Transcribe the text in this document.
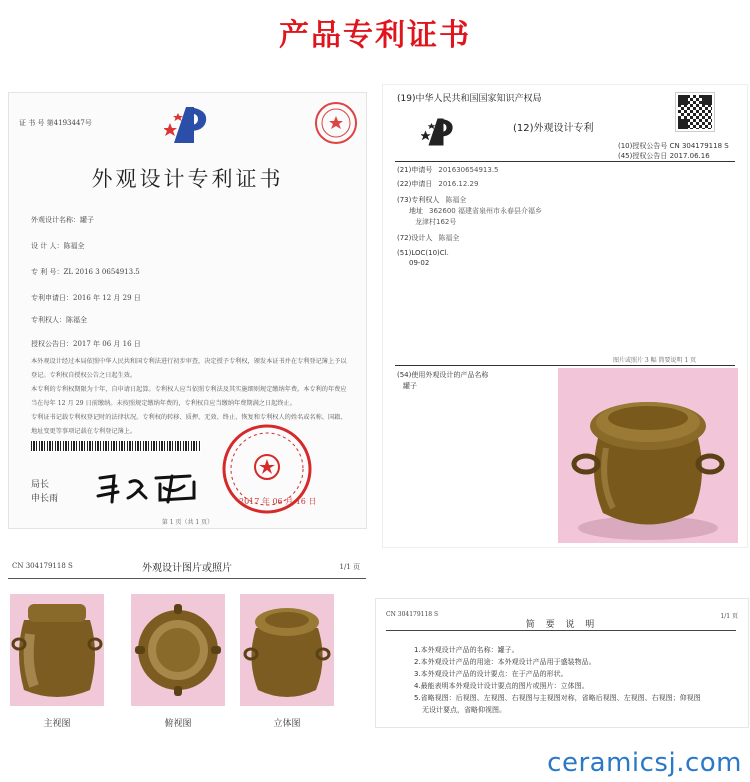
产品专利证书
证 书 号 第4193447号
外观设计专利证书
外观设计名称：罐子
设 计 人：陈福全
专 利 号：ZL 2016 3 0654913.5
专利申请日：2016 年 12 月 29 日
专利权人：陈福全
授权公告日：2017 年 06 月 16 日
本外观设计经过本局依照中华人民共和国专利法进行初步审查，决定授予专利权，颁发本证书并在专利登记簿上予以登记。专利权自授权公告之日起生效。
本专利的专利权期限为十年，自申请日起算。专利权人应当依照专利法及其实施细则规定缴纳年费。本专利的年费应当在每年 12 月 29 日前缴纳。未按照规定缴纳年费的，专利权自应当缴纳年费期满之日起终止。
专利证书记载专利权登记时的法律状况。专利权的转移、质押、无效、终止、恢复和专利权人的姓名或名称、国籍、地址变更等事项记载在专利登记簿上。
局长
申长雨	2017 年 06 月 16 日
第 1 页（共 1 页）
(19)中华人民共和国国家知识产权局
(12)外观设计专利
(10)授权公告号 CN 304179118 S
(45)授权公告日 2017.06.16
(21)申请号 201630654913.5
(22)申请日 2016.12.29
(73)专利权人 陈福全
地址 362600 福建省泉州市永春县介福乡
龙津村162号
(72)设计人 陈福全
(51)LOC(10)Cl.
09-02
图片或照片 3 幅 简要说明 1 页
(54)使用外观设计的产品名称
罐子
CN 304179118 S	外观设计图片或照片	1/1 页
主视图	俯视图	立体图
CN 304179118 S	1/1 页
简 要 说 明
1.本外观设计产品的名称：罐子。
2.本外观设计产品的用途：本外观设计产品用于盛装物品。
3.本外观设计产品的设计要点：在于产品的形状。
4.最能表明本外观设计设计要点的图片或照片：立体图。
5.省略视图：后视图、左视图、右视图与主视图对称，省略后视图、左视图、右视图；仰视图
无设计要点，省略仰视图。
ceramicsj.com
